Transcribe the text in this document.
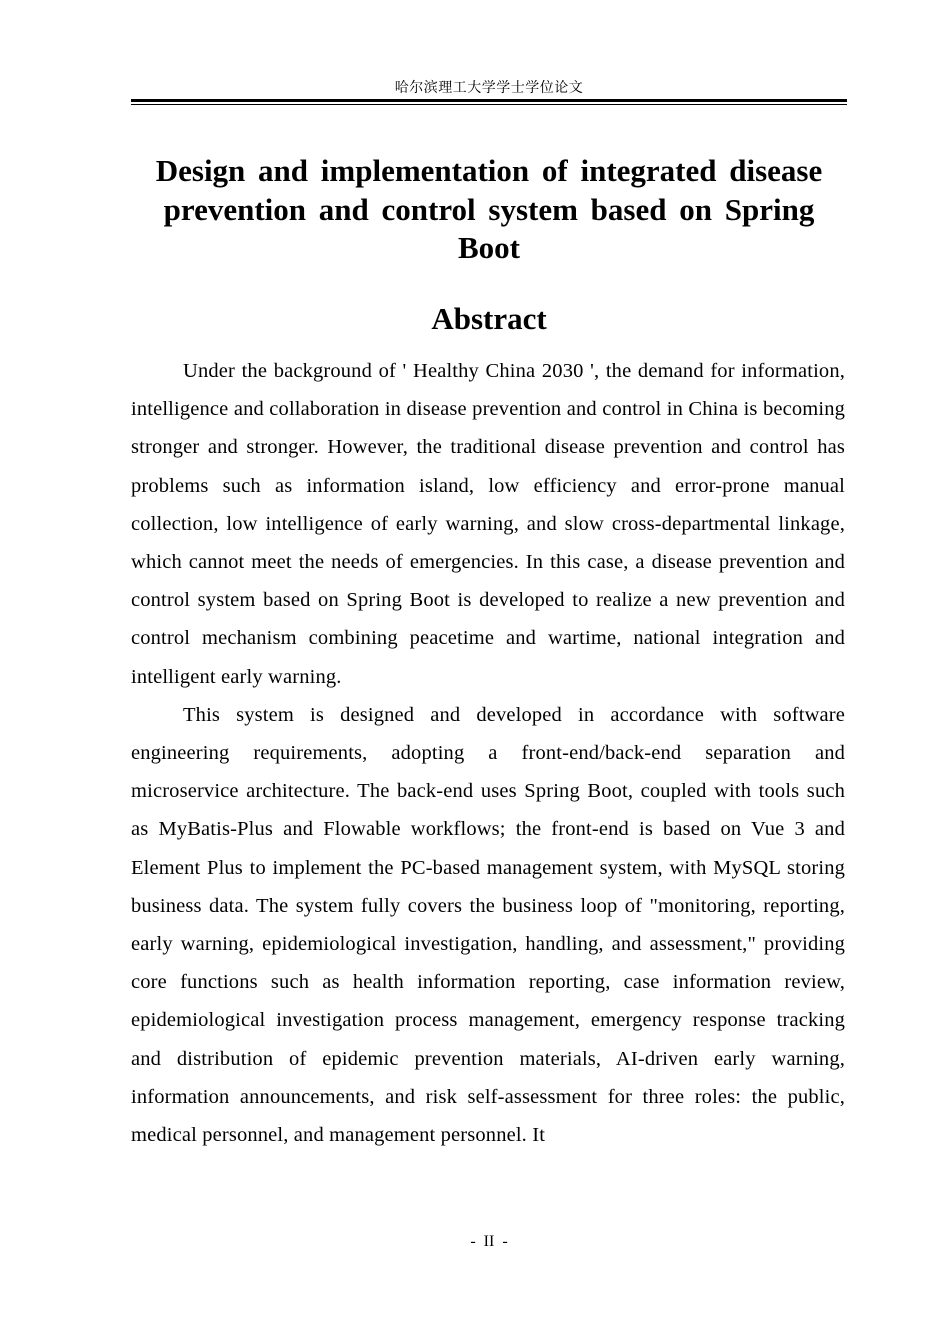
哈尔滨理工大学学士学位论文
Design and implementation of integrated disease prevention and control system based on Spring Boot
Abstract

Under the background of ' Healthy China 2030 ', the demand for information, intelligence and collaboration in disease prevention and control in China is becoming stronger and stronger. However, the traditional disease prevention and control has problems such as information island, low efficiency and error-prone manual collection, low intelligence of early warning, and slow cross-departmental linkage, which cannot meet the needs of emergencies. In this case, a disease prevention and control system based on Spring Boot is developed to realize a new prevention and control mechanism combining peacetime and wartime, national integration and intelligent early warning.

This system is designed and developed in accordance with software engineering requirements, adopting a front-end/back-end separation and microservice architecture. The back-end uses Spring Boot, coupled with tools such as MyBatis-Plus and Flowable workflows; the front-end is based on Vue 3 and Element Plus to implement the PC-based management system, with MySQL storing business data. The system fully covers the business loop of "monitoring, reporting, early warning, epidemiological investigation, handling, and assessment," providing core functions such as health information reporting, case information review, epidemiological investigation process management, emergency response tracking and distribution of epidemic prevention materials, AI-driven early warning, information announcements, and risk self-assessment for three roles: the public, medical personnel, and management personnel. It

- II -
